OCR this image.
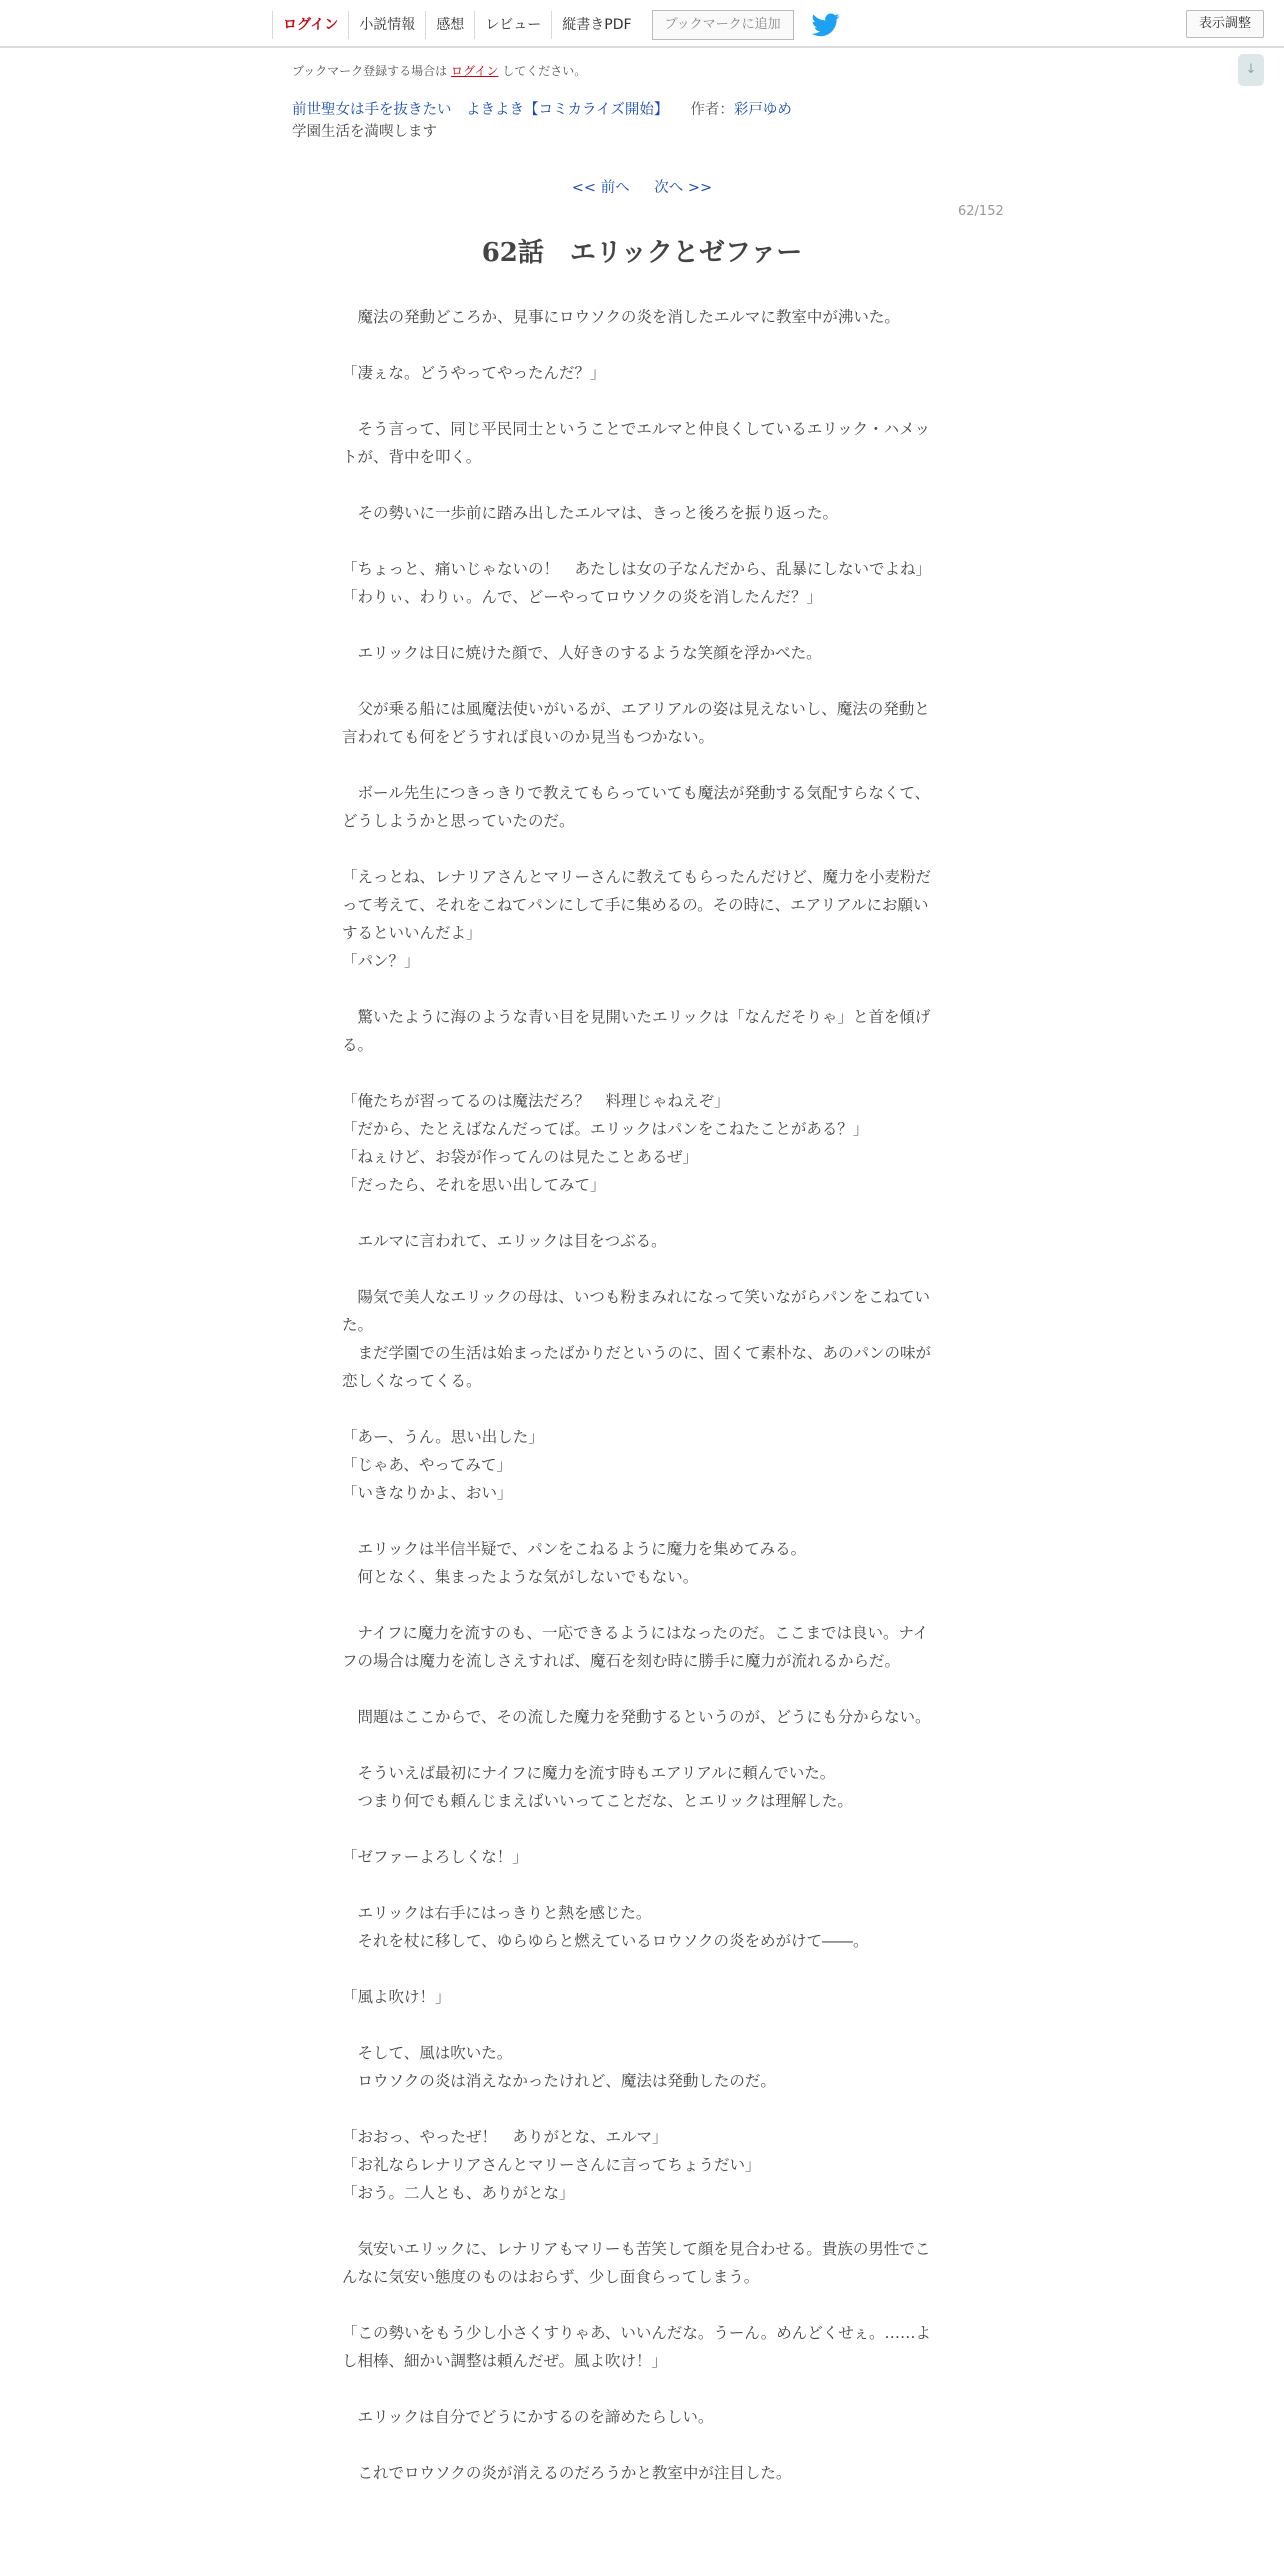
ログイン	小説情報	感想	レビュー	縦書きPDF	ブックマークに追加	表示調整
↓
ブックマーク登録する場合は ログイン してください。
前世聖女は手を抜きたい　よきよき【コミカライズ開始】 作者：彩戸ゆめ
学園生活を満喫します
<< 前へ 次へ >>
62/152
62話　エリックとゼファー

　魔法の発動どころか、見事にロウソクの炎を消したエルマに教室中が沸いた。

「凄ぇな。どうやってやったんだ？」

　そう言って、同じ平民同士ということでエルマと仲良くしているエリック・ハメットが、背中を叩く。

　その勢いに一歩前に踏み出したエルマは、きっと後ろを振り返った。

「ちょっと、痛いじゃないの！　あたしは女の子なんだから、乱暴にしないでよね」

「わりぃ、わりぃ。んで、どーやってロウソクの炎を消したんだ？」

　エリックは日に焼けた顔で、人好きのするような笑顔を浮かべた。

　父が乗る船には風魔法使いがいるが、エアリアルの姿は見えないし、魔法の発動と言われても何をどうすれば良いのか見当もつかない。

　ボール先生につきっきりで教えてもらっていても魔法が発動する気配すらなくて、どうしようかと思っていたのだ。

「えっとね、レナリアさんとマリーさんに教えてもらったんだけど、魔力を小麦粉だって考えて、それをこねてパンにして手に集めるの。その時に、エアリアルにお願いするといいんだよ」

「パン？」

　驚いたように海のような青い目を見開いたエリックは「なんだそりゃ」と首を傾げる。

「俺たちが習ってるのは魔法だろ？　料理じゃねえぞ」

「だから、たとえばなんだってば。エリックはパンをこねたことがある？」

「ねぇけど、お袋が作ってんのは見たことあるぜ」

「だったら、それを思い出してみて」

　エルマに言われて、エリックは目をつぶる。

　陽気で美人なエリックの母は、いつも粉まみれになって笑いながらパンをこねていた。

　まだ学園での生活は始まったばかりだというのに、固くて素朴な、あのパンの味が恋しくなってくる。

「あー、うん。思い出した」

「じゃあ、やってみて」

「いきなりかよ、おい」

　エリックは半信半疑で、パンをこねるように魔力を集めてみる。

　何となく、集まったような気がしないでもない。

　ナイフに魔力を流すのも、一応できるようにはなったのだ。ここまでは良い。ナイフの場合は魔力を流しさえすれば、魔石を刻む時に勝手に魔力が流れるからだ。

　問題はここからで、その流した魔力を発動するというのが、どうにも分からない。

　そういえば最初にナイフに魔力を流す時もエアリアルに頼んでいた。

　つまり何でも頼んじまえばいいってことだな、とエリックは理解した。

「ゼファーよろしくな！」

　エリックは右手にはっきりと熱を感じた。

　それを杖に移して、ゆらゆらと燃えているロウソクの炎をめがけて――。

「風よ吹け！」

　そして、風は吹いた。

　ロウソクの炎は消えなかったけれど、魔法は発動したのだ。

「おおっ、やったぜ！　ありがとな、エルマ」

「お礼ならレナリアさんとマリーさんに言ってちょうだい」

「おう。二人とも、ありがとな」

　気安いエリックに、レナリアもマリーも苦笑して顔を見合わせる。貴族の男性でこんなに気安い態度のものはおらず、少し面食らってしまう。

「この勢いをもう少し小さくすりゃあ、いいんだな。うーん。めんどくせぇ。……よし相棒、細かい調整は頼んだぜ。風よ吹け！」

　エリックは自分でどうにかするのを諦めたらしい。

　これでロウソクの炎が消えるのだろうかと教室中が注目した。
